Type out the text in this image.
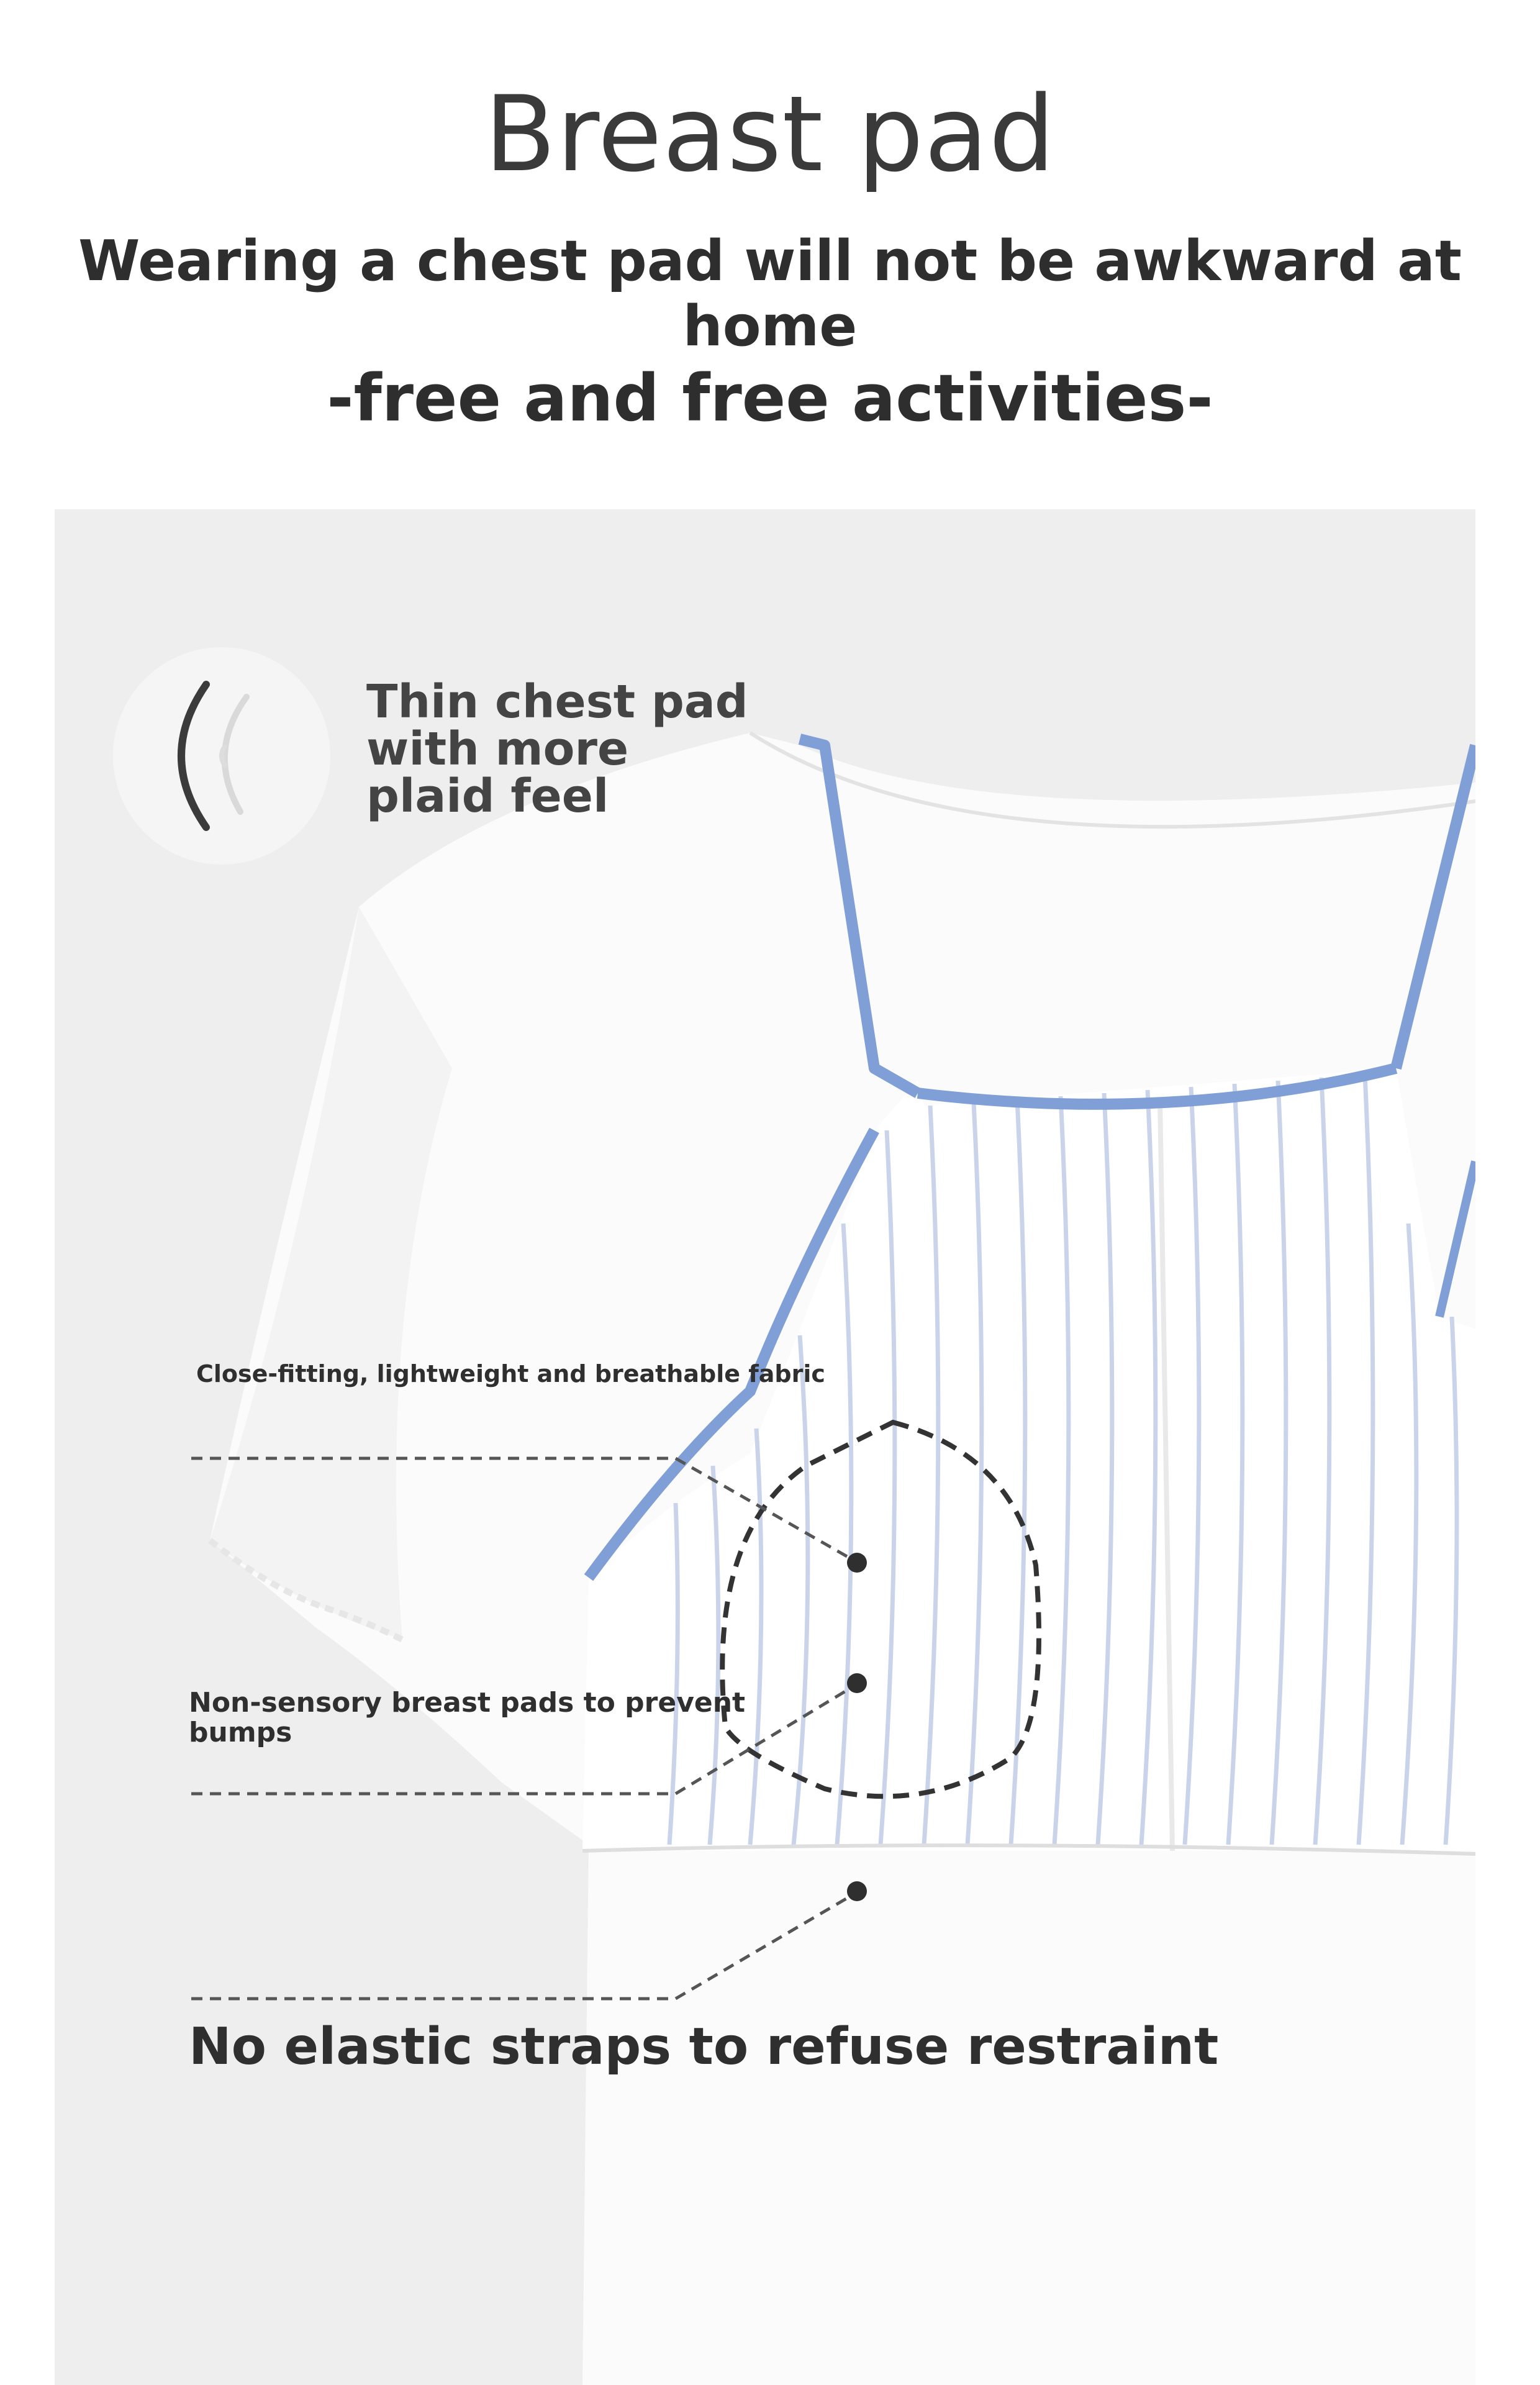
Breast pad
Wearing a chest pad will not be awkward at home
-free and free activities-
Thin chest pad with more plaid feel
Close-fitting, lightweight and breathable fabric
Non-sensory breast pads to prevent bumps
No elastic straps to refuse restraint
